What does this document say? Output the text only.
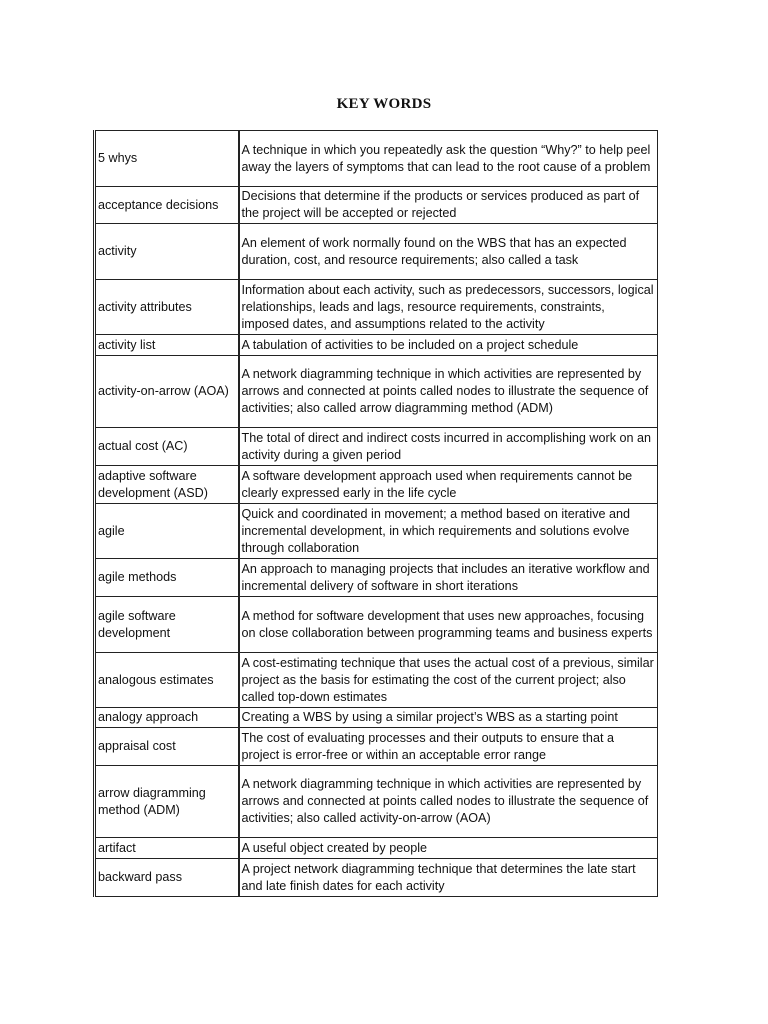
KEY WORDS
5 whys	A technique in which you repeatedly ask the question “Why?” to help peel away the layers of symptoms that can lead to the root cause of a problem
acceptance decisions	Decisions that determine if the products or services produced as part of the project will be accepted or rejected
activity	An element of work normally found on the WBS that has an expected duration, cost, and resource requirements; also called a task
activity attributes	Information about each activity, such as predecessors, successors, logical relationships, leads and lags, resource requirements, constraints, imposed dates, and assumptions related to the activity
activity list	A tabulation of activities to be included on a project schedule
activity-on-arrow (AOA)	A network diagramming technique in which activities are represented by arrows and connected at points called nodes to illustrate the sequence of activities; also called arrow diagramming method (ADM)
actual cost (AC)	The total of direct and indirect costs incurred in accomplishing work on an activity during a given period
adaptive software development (ASD)	A software development approach used when requirements cannot be clearly expressed early in the life cycle
agile	Quick and coordinated in movement; a method based on iterative and incremental development, in which requirements and solutions evolve through collaboration
agile methods	An approach to managing projects that includes an iterative workflow and incremental delivery of software in short iterations
agile software development	A method for software development that uses new approaches, focusing on close collaboration between programming teams and business experts
analogous estimates	A cost-estimating technique that uses the actual cost of a previous, similar project as the basis for estimating the cost of the current project; also called top-down estimates
analogy approach	Creating a WBS by using a similar project’s WBS as a starting point
appraisal cost	The cost of evaluating processes and their outputs to ensure that a project is error-free or within an acceptable error range
arrow diagramming method (ADM)	A network diagramming technique in which activities are represented by arrows and connected at points called nodes to illustrate the sequence of activities; also called activity-on-arrow (AOA)
artifact	A useful object created by people
backward pass	A project network diagramming technique that determines the late start and late finish dates for each activity
